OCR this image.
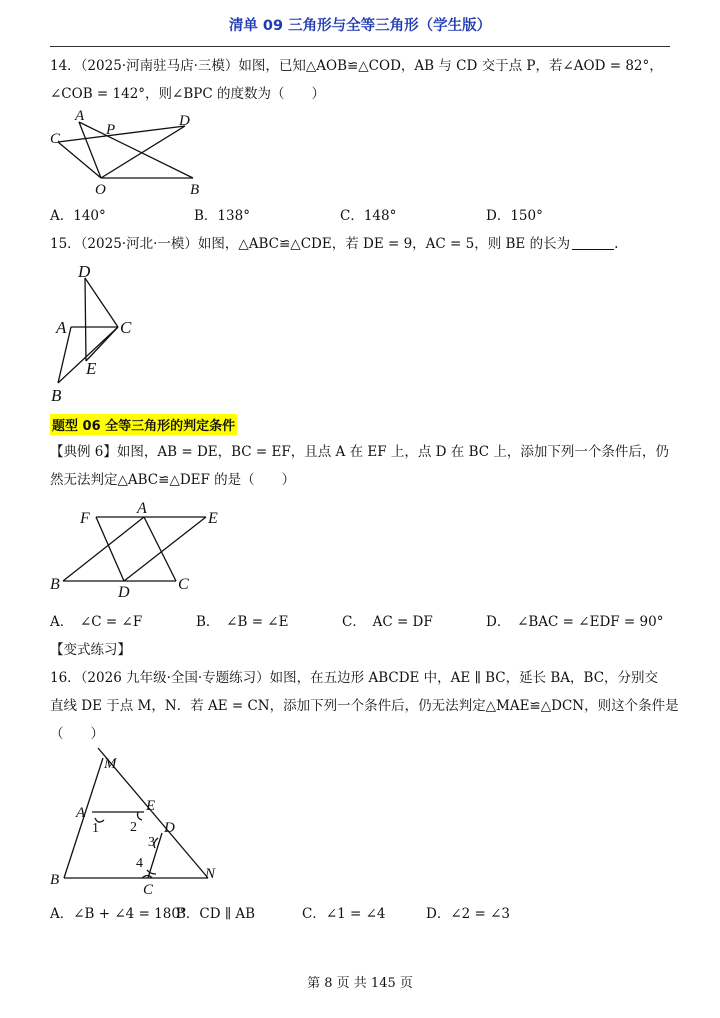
清单 09 三角形与全等三角形（学生版）
14．（2025·河南驻马店·三模）如图，已知△AOB≌△COD，AB 与 CD 交于点 P，若∠AOD = 82°，
∠COB = 142°，则∠BPC 的度数为（　　）
A
P
D
C
O	B
A．140°	B．138°	C．148°	D．150°
15．（2025·河北·一模）如图，△ABC≌△CDE，若 DE = 9，AC = 5，则 BE 的长为	.
D
A	C
E
B
题型 06 全等三角形的判定条件
【典例 6】如图，AB = DE，BC = EF，且点 A 在 EF 上，点 D 在 BC 上，添加下列一个条件后，仍
然无法判定△ABC≌△DEF 的是（　　）
F
A
E
B	D	C
A．　∠C = ∠F	B．　∠B = ∠E	C．　AC = DF	D．　∠BAC = ∠EDF = 90°
【变式练习】
16．（2026 九年级·全国·专题练习）如图，在五边形 ABCDE 中，AE ∥ BC，延长 BA，BC，分别交
直线 DE 于点 M，N．若 AE = CN，添加下列一个条件后，仍无法判定△MAE≌△DCN，则这个条件是
（　　）
M
A	E
D
B
C
N
1 2
3
4
A．∠B + ∠4 = 180°
B．CD ∥ AB	C．∠1 = ∠4	D．∠2 = ∠3
第 8 页 共 145 页
